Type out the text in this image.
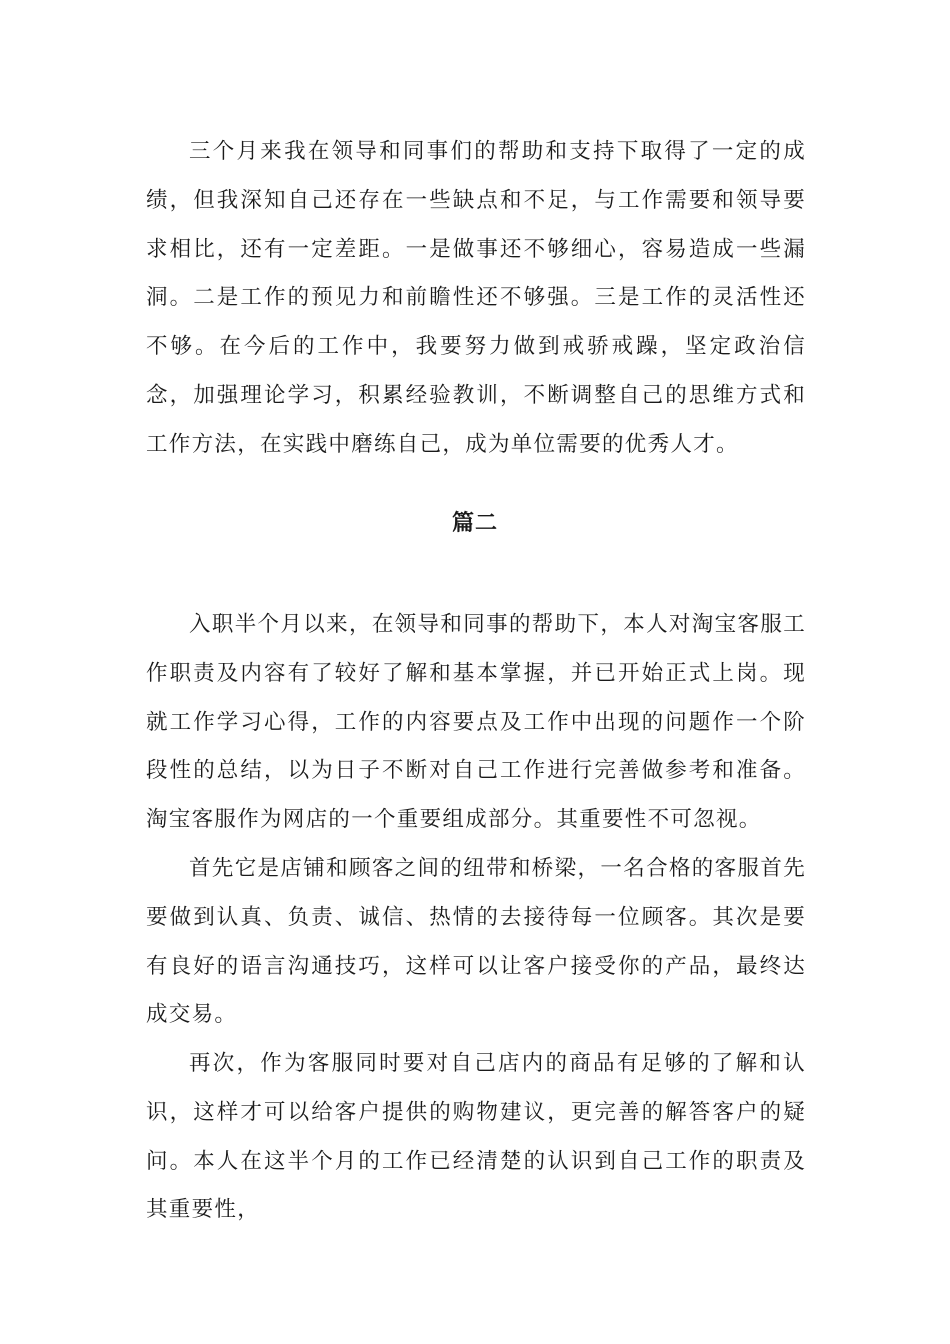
三个月来我在领导和同事们的帮助和支持下取得了一定的成绩，但我深知自己还存在一些缺点和不足，与工作需要和领导要求相比，还有一定差距。一是做事还不够细心，容易造成一些漏洞。二是工作的预见力和前瞻性还不够强。三是工作的灵活性还不够。在今后的工作中，我要努力做到戒骄戒躁，坚定政治信念，加强理论学习，积累经验教训，不断调整自己的思维方式和工作方法，在实践中磨练自己，成为单位需要的优秀人才。

篇二

入职半个月以来，在领导和同事的帮助下，本人对淘宝客服工作职责及内容有了较好了解和基本掌握，并已开始正式上岗。现就工作学习心得，工作的内容要点及工作中出现的问题作一个阶段性的总结，以为日子不断对自己工作进行完善做参考和准备。淘宝客服作为网店的一个重要组成部分。其重要性不可忽视。

首先它是店铺和顾客之间的纽带和桥梁，一名合格的客服首先要做到认真、负责、诚信、热情的去接待每一位顾客。其次是要有良好的语言沟通技巧，这样可以让客户接受你的产品，最终达成交易。

再次，作为客服同时要对自己店内的商品有足够的了解和认识，这样才可以给客户提供的购物建议，更完善的解答客户的疑问。本人在这半个月的工作已经清楚的认识到自己工作的职责及其重要性，
